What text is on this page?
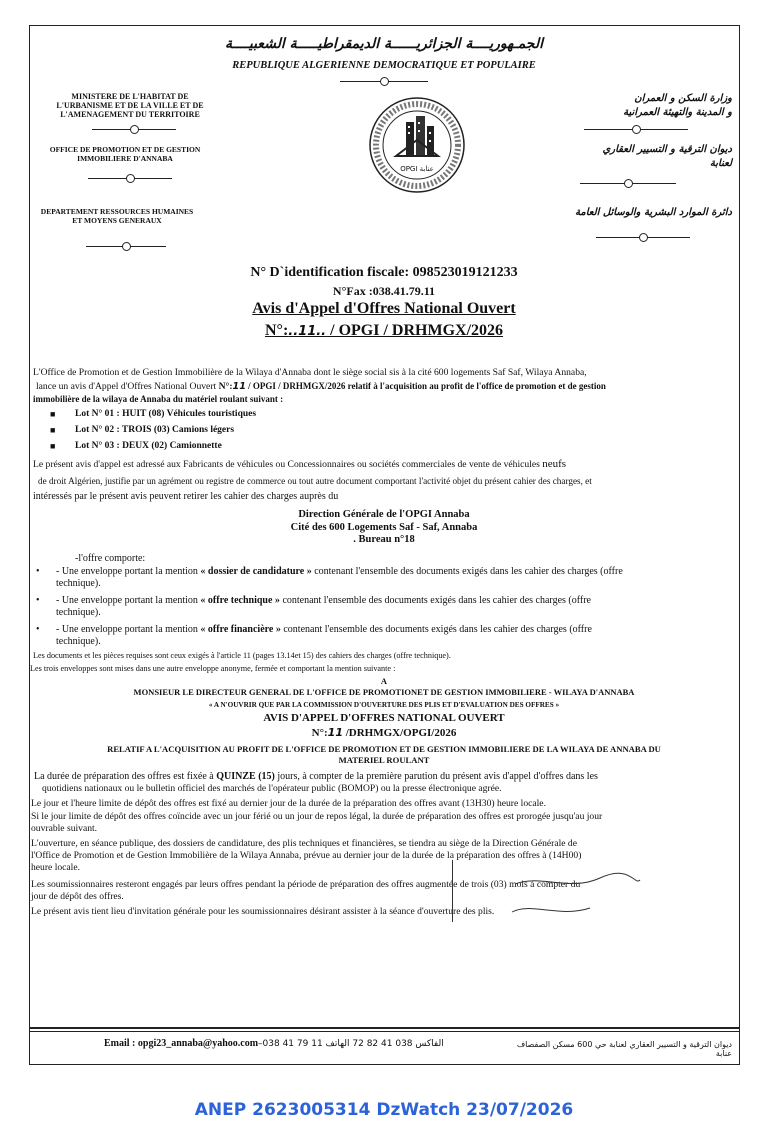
الجمـهوريــــة الجزائريــــــة الديمقراطيـــــة الشعبيــــة
REPUBLIQUE ALGERIENNE DEMOCRATIQUE ET POPULAIRE
MINISTERE DE L'HABITAT DE
L'URBANISME ET DE LA VILLE ET DE
L'AMENAGEMENT DU TERRITOIRE
OFFICE DE PROMOTION ET DE GESTION
IMMOBILIERE D'ANNABA
DEPARTEMENT RESSOURCES HUMAINES
ET MOYENS GENERAUX
OPGI عنابة
وزارة السكن و العمران
و المدينة والتهيئة العمرانية
ديوان الترقية و التسيير العقاري
لعنابة
دائرة الموارد البشرية والوسائل العامة
N° D`identification fiscale: 098523019121233
N°Fax :038.41.79.11
Avis d'Appel d'Offres National Ouvert
N°:..11.. / OPGI / DRHMGX/2026
L'Office de Promotion et de Gestion Immobilière de la Wilaya d'Annaba dont le siège social sis à la cité 600 logements Saf Saf, Wilaya Annaba,
lance un avis d'Appel d'Offres National Ouvert N°:11 / OPGI / DRHMGX/2026 relatif à l'acquisition au profit de l'office de promotion et de gestion
immobilière de la wilaya de Annaba du matériel roulant suivant :
■ Lot N° 01 : HUIT (08) Véhicules touristiques
■ Lot N° 02 : TROIS (03) Camions légers
■ Lot N° 03 : DEUX (02) Camionnette
Le présent avis d'appel est adressé aux Fabricants de véhicules ou Concessionnaires ou sociétés commerciales de vente de véhicules neufs
de droit Algérien, justifie par un agrément ou registre de commerce ou tout autre document comportant l'activité objet du présent cahier des charges, et
intéressés par le présent avis peuvent retirer les cahier des charges auprès du
Direction Générale de l'OPGI Annaba
Cité des 600 Logements Saf - Saf, Annaba
. Bureau n°18
-l'offre comporte:
• - Une enveloppe portant la mention « dossier de candidature » contenant l'ensemble des documents exigés dans les cahier des charges (offre
technique).
• - Une enveloppe portant la mention « offre technique » contenant l'ensemble des documents exigés dans les cahier des charges (offre
technique).
• - Une enveloppe portant la mention « offre financière » contenant l'ensemble des documents exigés dans les cahier des charges (offre
technique).
Les documents et les pièces requises sont ceux exigés à l'article 11 (pages 13.14et 15) des cahiers des charges (offre technique).
Les trois enveloppes sont mises dans une autre enveloppe anonyme, fermée et comportant la mention suivante :
A
MONSIEUR LE DIRECTEUR GENERAL DE L'OFFICE DE PROMOTIONET DE GESTION IMMOBILIERE - WILAYA D'ANNABA
« A N'OUVRIR QUE PAR LA COMMISSION D'OUVERTURE DES PLIS ET D'EVALUATION DES OFFRES »
AVIS D'APPEL D'OFFRES NATIONAL OUVERT
N°:11 /DRHMGX/OPGI/2026
RELATIF A L'ACQUISITION AU PROFIT DE L'OFFICE DE PROMOTION ET DE GESTION IMMOBILIERE DE LA WILAYA DE ANNABA DU
MATERIEL ROULANT
La durée de préparation des offres est fixée à QUINZE (15) jours, à compter de la première parution du présent avis d'appel d'offres dans les
quotidiens nationaux ou le bulletin officiel des marchés de l'opérateur public (BOMOP) ou la presse électronique agrée.
Le jour et l'heure limite de dépôt des offres est fixé au dernier jour de la durée de la préparation des offres avant (13H30) heure locale.
Si le jour limite de dépôt des offres coïncide avec un jour férié ou un jour de repos légal, la durée de préparation des offres est prorogée jusqu'au jour
ouvrable suivant.
L'ouverture, en séance publique, des dossiers de candidature, des plis techniques et financières, se tiendra au siège de la Direction Générale de
l'Office de Promotion et de Gestion Immobilière de la Wilaya Annaba, prévue au dernier jour de la durée de la préparation des offres à (14H00)
heure locale.
Les soumissionnaires resteront engagés par leurs offres pendant la période de préparation des offres augmentée de trois (03) mois à compter du
jour de dépôt des offres.
Le présent avis tient lieu d'invitation générale pour les soumissionnaires désirant assister à la séance d'ouverture des plis.
Email : opgi23_annaba@yahoo.com–038 41 79 11 الفاكس 038 41 82 72 الهاتف	ديوان الترقية و التسيير العقاري لعنابة حي 600 مسكن الصفصاف عنابة
ANEP 2623005314 DzWatch 23/07/2026
